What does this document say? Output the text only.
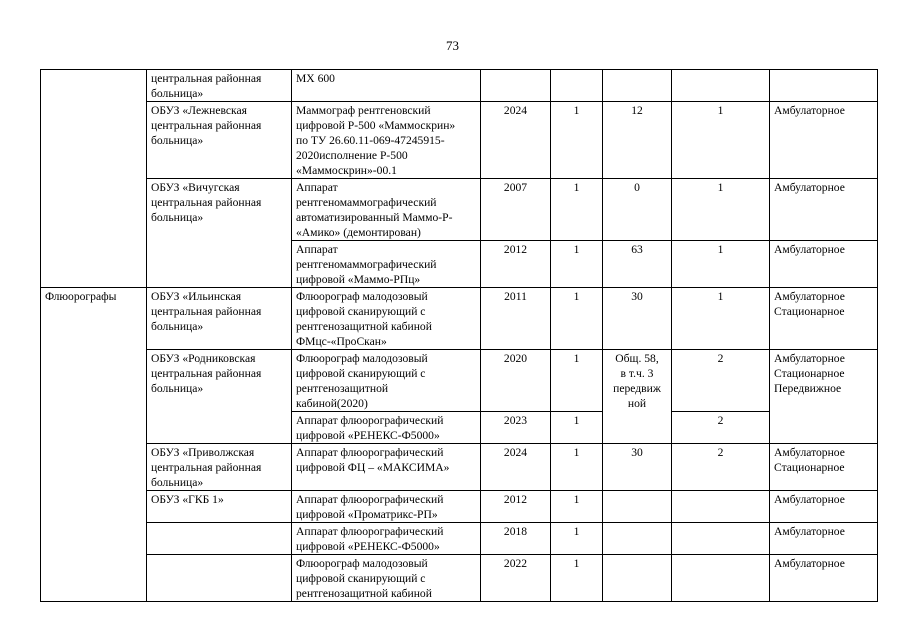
73
	центральная районная
больница»	MX 600					
	ОБУЗ «Лежневская
центральная районная
больница»	Маммограф рентгеновский
цифровой Р-500 «Маммоскрин»
по ТУ 26.60.11-069-47245915-
2020исполнение Р-500
«Маммоскрин»-00.1	2024	1	12	1	Амбулаторное
	ОБУЗ «Вичугская
центральная районная
больница»	Аппарат
рентгеномаммографический
автоматизированный Маммо-Р-
«Амико» (демонтирован)	2007	1	0	1	Амбулаторное
		Аппарат
рентгеномаммографический
цифровой «Маммо-РПц»	2012	1	63	1	Амбулаторное
Флюорографы	ОБУЗ «Ильинская
центральная районная
больница»	Флюорограф малодозовый
цифровой сканирующий с
рентгенозащитной кабиной
ФМцс-«ПроСкан»	2011	1	30	1	Амбулаторное
Стационарное
	ОБУЗ «Родниковская
центральная районная
больница»	Флюорограф малодозовый
цифровой сканирующий с
рентгенозащитной
кабиной(2020)	2020	1	Общ. 58,
в т.ч. 3
передвиж
ной	2	Амбулаторное
Стационарное
Передвижное
		Аппарат флюорографический
цифровой «РЕНЕКС-Ф5000»	2023	1		2	
	ОБУЗ «Приволжская
центральная районная
больница»	Аппарат флюорографический
цифровой ФЦ – «МАКСИМА»	2024	1	30	2	Амбулаторное
Стационарное
	ОБУЗ «ГКБ 1»	Аппарат флюорографический
цифровой «Проматрикс-РП»	2012	1			Амбулаторное
		Аппарат флюорографический
цифровой «РЕНЕКС-Ф5000»	2018	1			Амбулаторное
		Флюорограф малодозовый
цифровой сканирующий с
рентгенозащитной кабиной	2022	1			Амбулаторное
